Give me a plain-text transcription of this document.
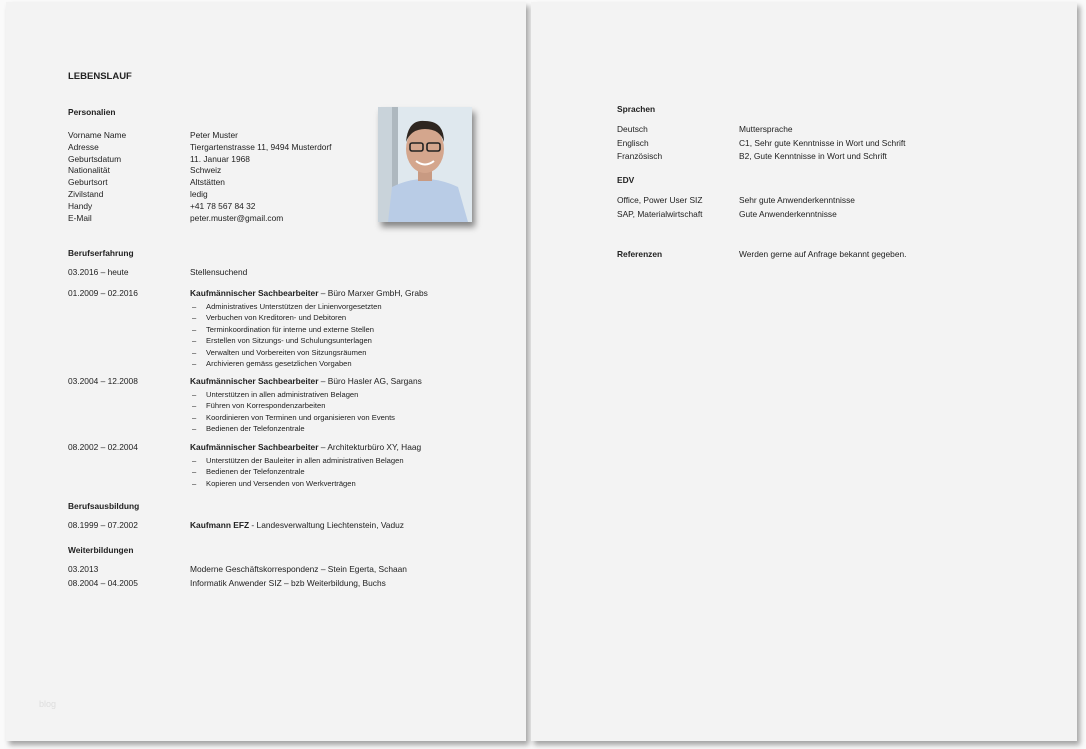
LEBENSLAUF
Personalien
Vorname Name	Peter Muster
Adresse	Tiergartenstrasse 11, 9494 Musterdorf
Geburtsdatum	11. Januar 1968
Nationalität	Schweiz
Geburtsort	Altstätten
Zivilstand	ledig
Handy	+41 78 567 84 32
E-Mail	peter.muster@gmail.com
Berufserfahrung
03.2016 – heute	Stellensuchend
01.2009 – 02.2016	Kaufmännischer Sachbearbeiter – Büro Marxer GmbH, Grabs
– Administratives Unterstützen der Linienvorgesetzten
– Verbuchen von Kreditoren- und Debitoren
– Terminkoordination für interne und externe Stellen
– Erstellen von Sitzungs- und Schulungsunterlagen
– Verwalten und Vorbereiten von Sitzungsräumen
– Archivieren gemäss gesetzlichen Vorgaben
03.2004 – 12.2008	Kaufmännischer Sachbearbeiter – Büro Hasler AG, Sargans
– Unterstützen in allen administrativen Belagen
– Führen von Korrespondenzarbeiten
– Koordinieren von Terminen und organisieren von Events
– Bedienen der Telefonzentrale
08.2002 – 02.2004	Kaufmännischer Sachbearbeiter – Architekturbüro XY, Haag
– Unterstützen der Bauleiter in allen administrativen Belagen
– Bedienen der Telefonzentrale
– Kopieren und Versenden von Werkverträgen
Berufsausbildung
08.1999 – 07.2002	Kaufmann EFZ - Landesverwaltung Liechtenstein, Vaduz
Weiterbildungen
03.2013	Moderne Geschäftskorrespondenz – Stein Egerta, Schaan
08.2004 – 04.2005	Informatik Anwender SIZ – bzb Weiterbildung, Buchs
blog
Sprachen
Deutsch	Muttersprache
Englisch	C1, Sehr gute Kenntnisse in Wort und Schrift
Französisch	B2, Gute Kenntnisse in Wort und Schrift
EDV
Office, Power User SIZ	Sehr gute Anwenderkenntnisse
SAP, Materialwirtschaft	Gute Anwenderkenntnisse
Referenzen	Werden gerne auf Anfrage bekannt gegeben.
